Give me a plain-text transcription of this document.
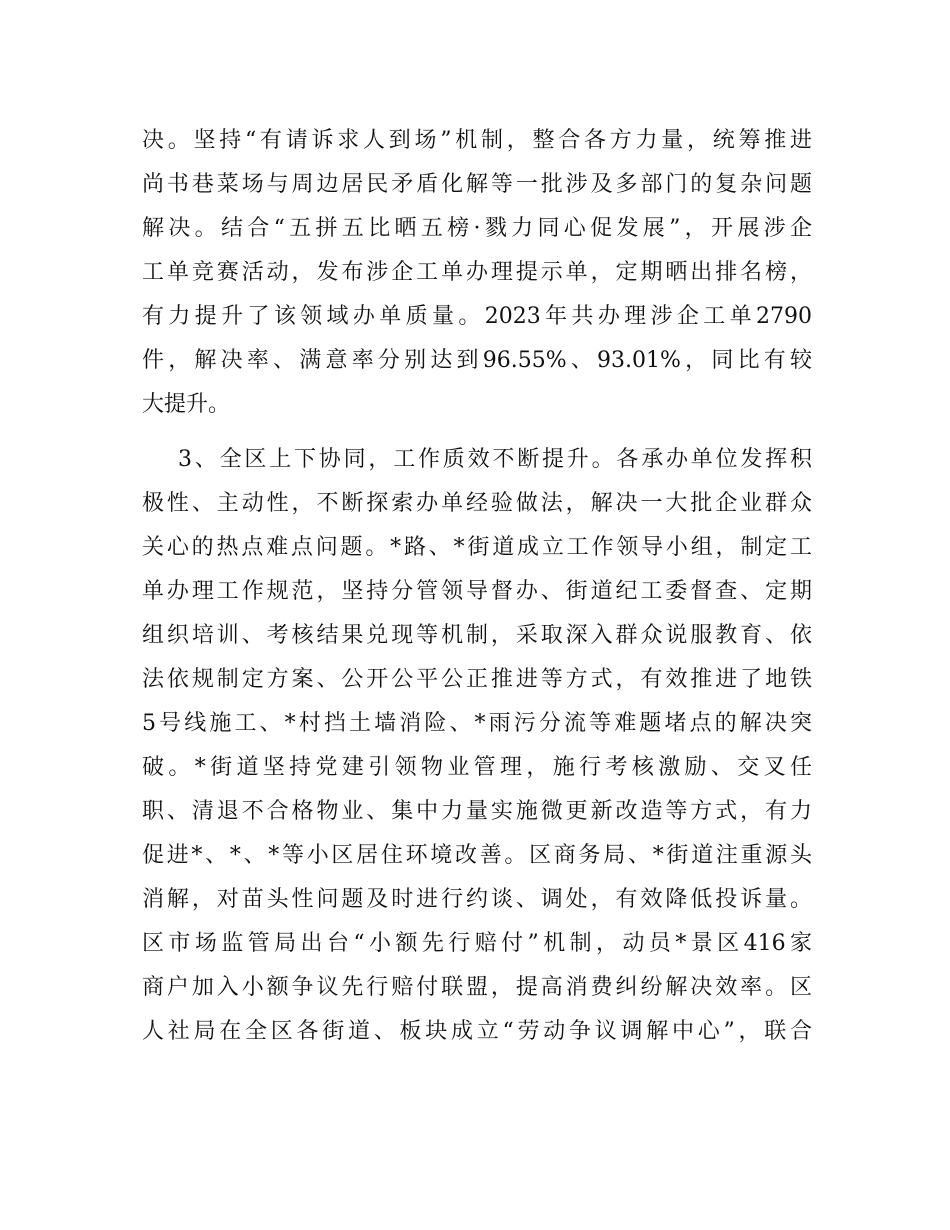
决。坚持“有请诉求人到场”机制，整合各方力量，统筹推进
尚书巷菜场与周边居民矛盾化解等一批涉及多部门的复杂问题
解决。结合“五拼五比晒五榜·戮力同心促发展”，开展涉企
工单竞赛活动，发布涉企工单办理提示单，定期晒出排名榜，
有力提升了该领域办单质量。2023年共办理涉企工单2790
件，解决率、满意率分别达到96.55%、93.01%，同比有较
大提升。
3、全区上下协同，工作质效不断提升。各承办单位发挥积
极性、主动性，不断探索办单经验做法，解决一大批企业群众
关心的热点难点问题。*路、*街道成立工作领导小组，制定工
单办理工作规范，坚持分管领导督办、街道纪工委督查、定期
组织培训、考核结果兑现等机制，采取深入群众说服教育、依
法依规制定方案、公开公平公正推进等方式，有效推进了地铁
5号线施工、*村挡土墙消险、*雨污分流等难题堵点的解决突
破。*街道坚持党建引领物业管理，施行考核激励、交叉任
职、清退不合格物业、集中力量实施微更新改造等方式，有力
促进*、*、*等小区居住环境改善。区商务局、*街道注重源头
消解，对苗头性问题及时进行约谈、调处，有效降低投诉量。
区市场监管局出台“小额先行赔付”机制，动员*景区416家
商户加入小额争议先行赔付联盟，提高消费纠纷解决效率。区
人社局在全区各街道、板块成立“劳动争议调解中心”，联合
